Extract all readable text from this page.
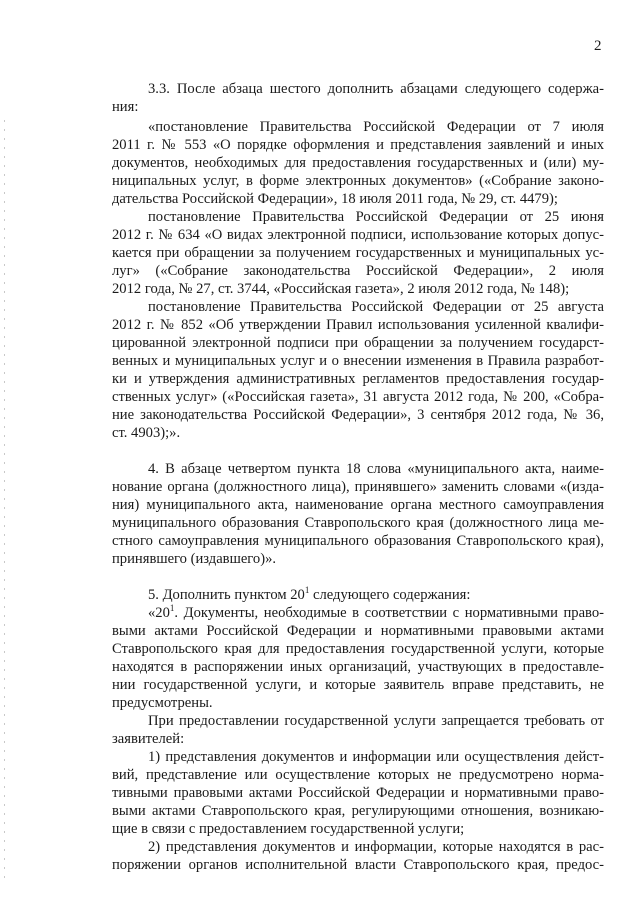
2
3.3. После абзаца шестого дополнить абзацами следующего содержа-
ния:
«постановление Правительства Российской Федерации от 7 июля
2011 г. № 553 «О порядке оформления и представления заявлений и иных
документов, необходимых для предоставления государственных и (или) му-
ниципальных услуг, в форме электронных документов» («Собрание законо-
дательства Российской Федерации», 18 июля 2011 года, № 29, ст. 4479);
постановление Правительства Российской Федерации от 25 июня
2012 г. № 634 «О видах электронной подписи, использование которых допус-
кается при обращении за получением государственных и муниципальных ус-
луг» («Собрание законодательства Российской Федерации», 2 июля
2012 года, № 27, ст. 3744, «Российская газета», 2 июля 2012 года, № 148);
постановление Правительства Российской Федерации от 25 августа
2012 г. № 852 «Об утверждении Правил использования усиленной квалифи-
цированной электронной подписи при обращении за получением государст-
венных и муниципальных услуг и о внесении изменения в Правила разработ-
ки и утверждения административных регламентов предоставления государ-
ственных услуг» («Российская газета», 31 августа 2012 года, № 200, «Собра-
ние законодательства Российской Федерации», 3 сентября 2012 года, № 36,
ст. 4903);».
4. В абзаце четвертом пункта 18 слова «муниципального акта, наиме-
нование органа (должностного лица), принявшего» заменить словами «(изда-
ния) муниципального акта, наименование органа местного самоуправления
муниципального образования Ставропольского края (должностного лица ме-
стного самоуправления муниципального образования Ставропольского края),
принявшего (издавшего)».
5. Дополнить пунктом $20^1$ следующего содержания:
«$20^1$. Документы, необходимые в соответствии с нормативными право-
выми актами Российской Федерации и нормативными правовыми актами
Ставропольского края для предоставления государственной услуги, которые
находятся в распоряжении иных организаций, участвующих в предоставле-
нии государственной услуги, и которые заявитель вправе представить, не
предусмотрены.
При предоставлении государственной услуги запрещается требовать от
заявителей:
1) представления документов и информации или осуществления дейст-
вий, представление или осуществление которых не предусмотрено норма-
тивными правовыми актами Российской Федерации и нормативными право-
выми актами Ставропольского края, регулирующими отношения, возникаю-
щие в связи с предоставлением государственной услуги;
2) представления документов и информации, которые находятся в рас-
поряжении органов исполнительной власти Ставропольского края, предос-
